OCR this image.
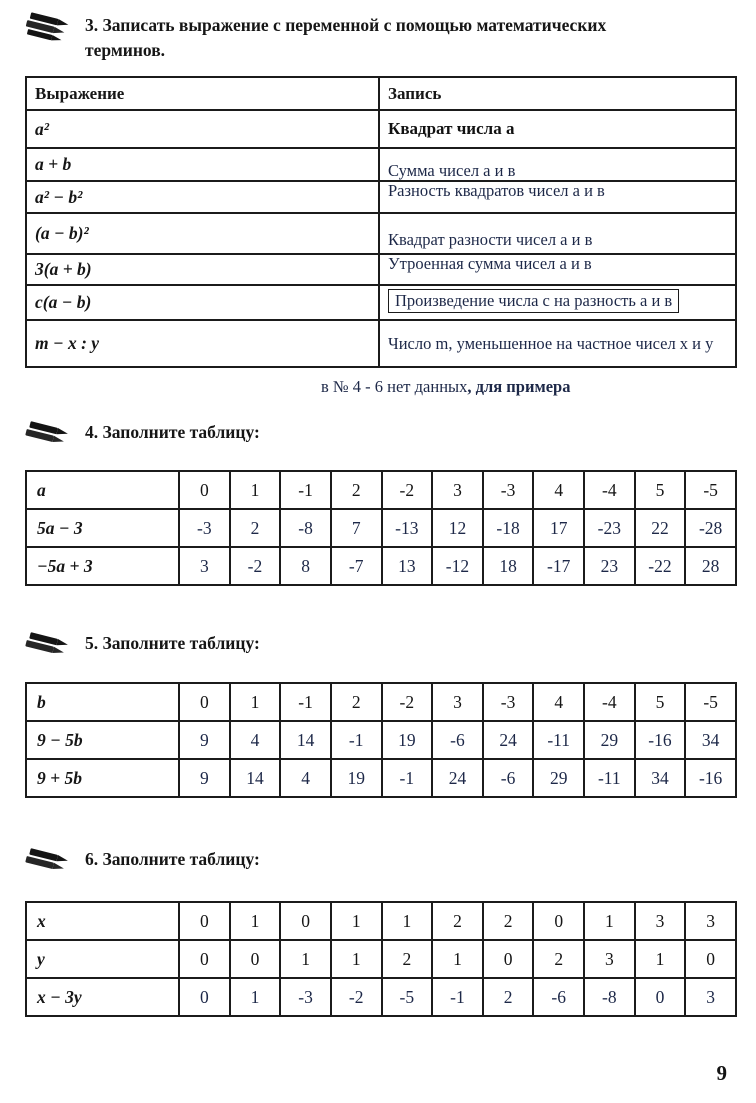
3. Записать выражение с переменной с помощью математических терминов.
Выражение	Запись
a²	Квадрат числа a
a + b	Сумма чисел а и в
a² − b²	Разность квадратов чисел а и в
(a − b)²	Квадрат разности чисел а и в
3(a + b)	Утроенная сумма чисел а и в
c(a − b)	Произведение числа с на разность а и в
m − x : y	Число m, уменьшенное на частное чисел х и у
в № 4 - 6 нет данных, для примера
4. Заполните таблицу:
a	0	1	-1	2	-2	3	-3	4	-4	5	-5
5a − 3	-3	2	-8	7	-13	12	-18	17	-23	22	-28
−5a + 3	3	-2	8	-7	13	-12	18	-17	23	-22	28
5. Заполните таблицу:
b	0	1	-1	2	-2	3	-3	4	-4	5	-5
9 − 5b	9	4	14	-1	19	-6	24	-11	29	-16	34
9 + 5b	9	14	4	19	-1	24	-6	29	-11	34	-16
6. Заполните таблицу:
x	0	1	0	1	1	2	2	0	1	3	3
y	0	0	1	1	2	1	0	2	3	1	0
x − 3y	0	1	-3	-2	-5	-1	2	-6	-8	0	3
9
